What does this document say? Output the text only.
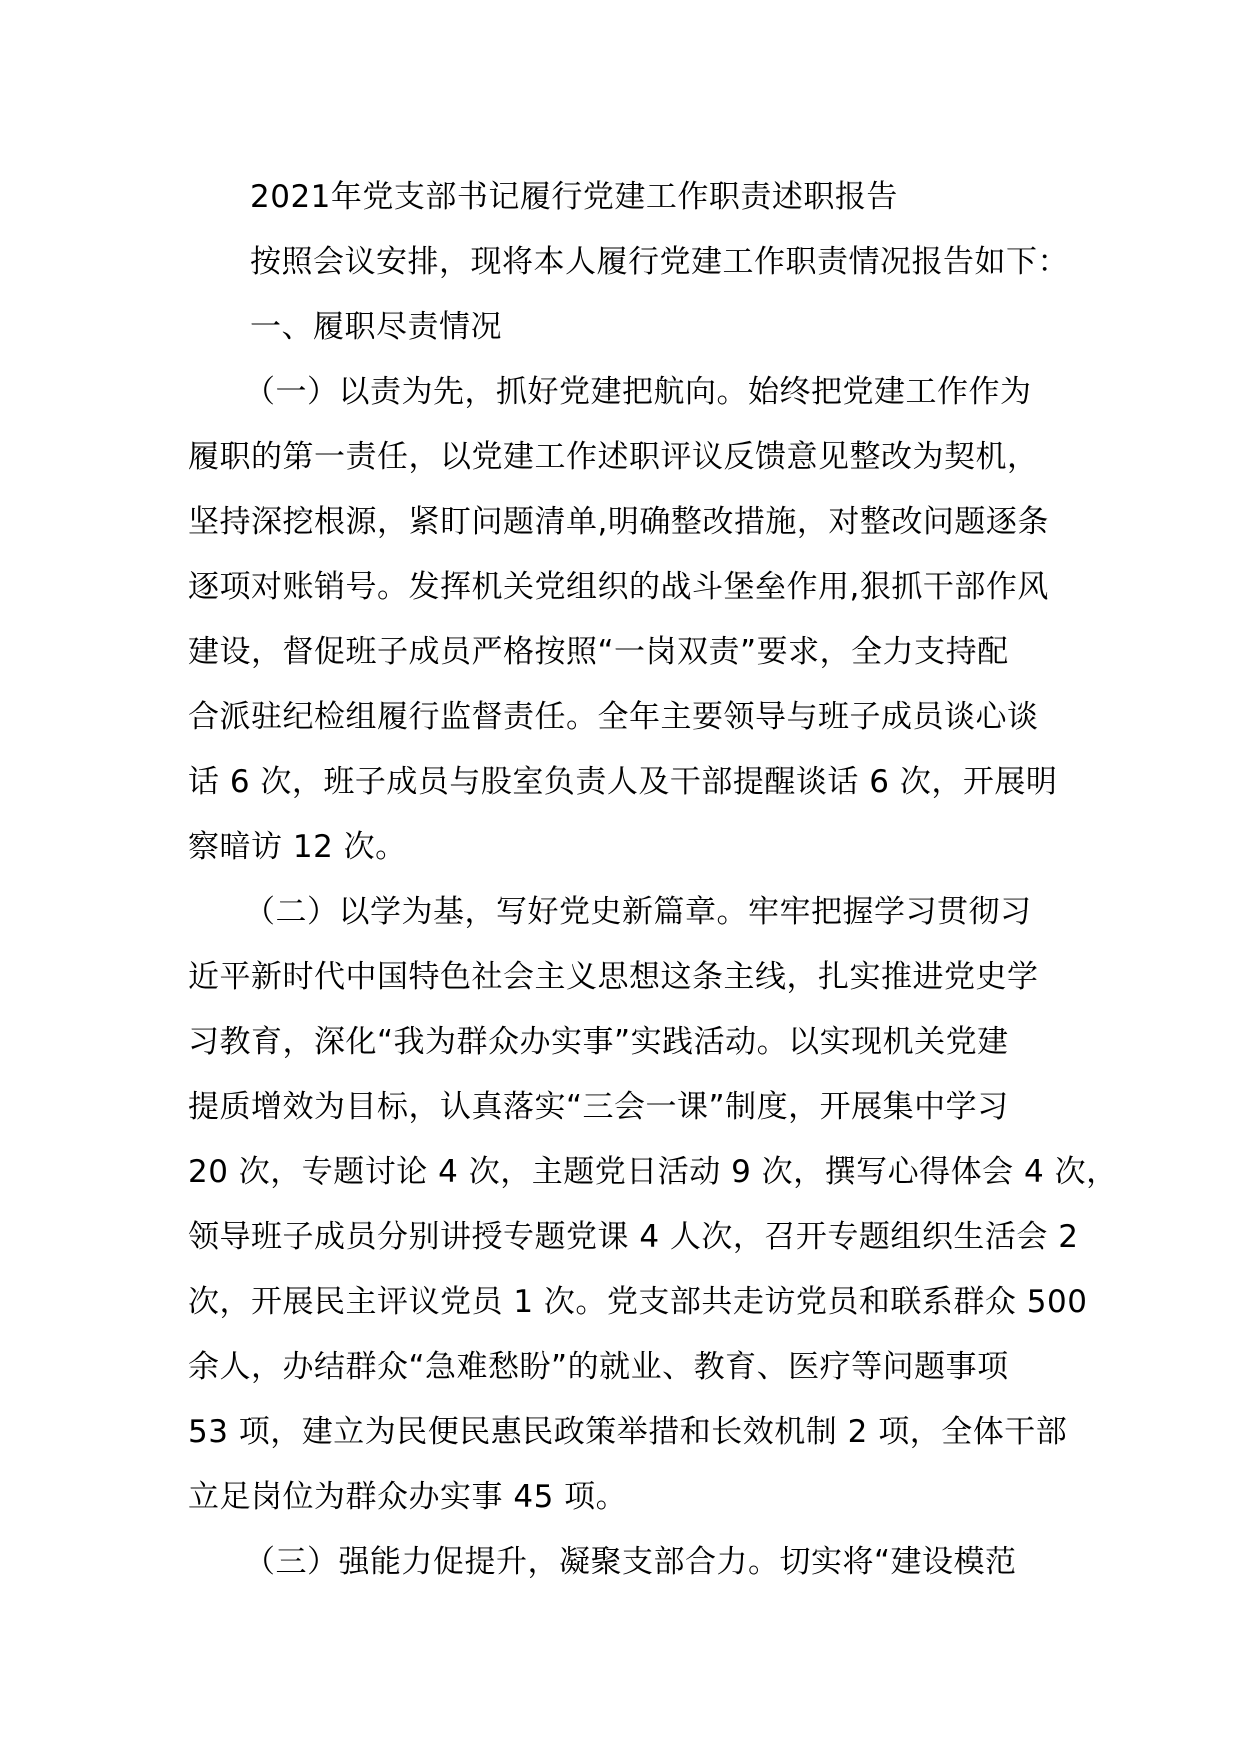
2021年党支部书记履行党建工作职责述职报告
按照会议安排，现将本人履行党建工作职责情况报告如下：
一、履职尽责情况
（一）以责为先，抓好党建把航向。始终把党建工作作为
履职的第一责任，以党建工作述职评议反馈意见整改为契机，
坚持深挖根源，紧盯问题清单,明确整改措施，对整改问题逐条
逐项对账销号。发挥机关党组织的战斗堡垒作用,狠抓干部作风
建设，督促班子成员严格按照“一岗双责”要求，全力支持配
合派驻纪检组履行监督责任。全年主要领导与班子成员谈心谈
话 6 次，班子成员与股室负责人及干部提醒谈话 6 次，开展明
察暗访 12 次。
（二）以学为基，写好党史新篇章。牢牢把握学习贯彻习
近平新时代中国特色社会主义思想这条主线，扎实推进党史学
习教育，深化“我为群众办实事”实践活动。以实现机关党建
提质增效为目标，认真落实“三会一课”制度，开展集中学习
20 次，专题讨论 4 次，主题党日活动 9 次，撰写心得体会 4 次，
领导班子成员分别讲授专题党课 4 人次，召开专题组织生活会 2
次，开展民主评议党员 1 次。党支部共走访党员和联系群众 500
余人，办结群众“急难愁盼”的就业、教育、医疗等问题事项
53 项，建立为民便民惠民政策举措和长效机制 2 项，全体干部
立足岗位为群众办实事 45 项。
（三）强能力促提升，凝聚支部合力。切实将“建设模范
